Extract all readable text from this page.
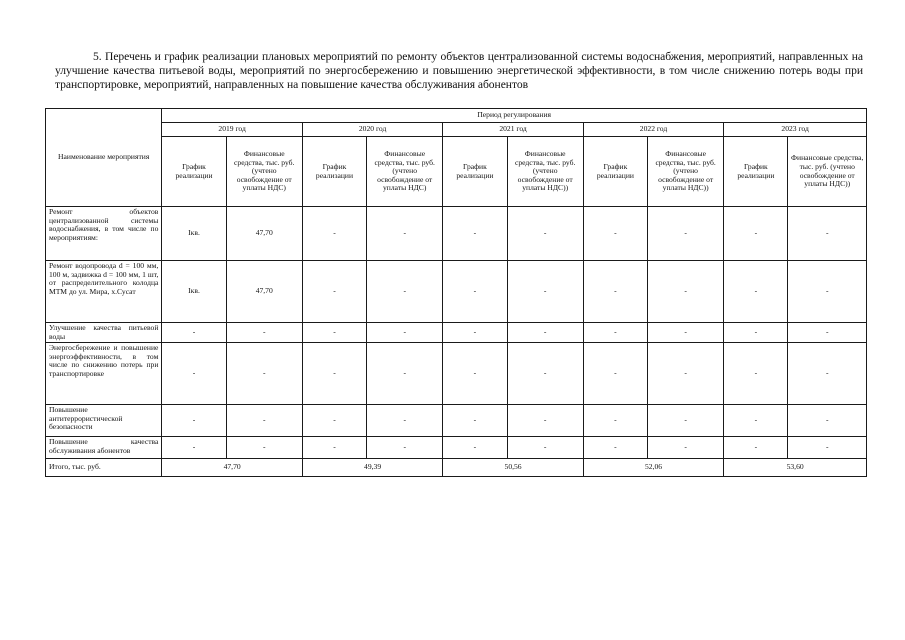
5. Перечень и график реализации плановых мероприятий по ремонту объектов централизованной системы водоснабжения, мероприятий, направленных на улучшение качества питьевой воды, мероприятий по энергосбережению и повышению энергетической эффективности, в том числе снижению потерь воды при транспортировке, мероприятий, направленных на повышение качества обслуживания абонентов
Наименование мероприятия	Период регулирования									
	2019 год		2020 год		2021 год		2022 год		2023 год	
	График реализации	Финансовые средства, тыс. руб. (учтено освобождение от уплаты НДС)	График реализации	Финансовые средства, тыс. руб. (учтено освобождение от уплаты НДС)	График реализации	Финансовые средства, тыс. руб. (учтено освобождение от уплаты НДС))	График реализации	Финансовые средства, тыс. руб. (учтено освобождение от уплаты НДС))	График реализации	Финансовые средства, тыс. руб. (учтено освобождение от уплаты НДС))
Ремонт объектов централизованной системы водоснабжения, в том числе по мероприятиям:	Iкв.	47,70	-	-	-	-	-	-	-	-
Ремонт водопровода d = 100 мм, 100 м, задвижка d = 100 мм, 1 шт, от распределительного колодца МТМ до ул. Мира, х.Сусат	Iкв.	47,70	-	-	-	-	-	-	-	-
Улучшение качества питьевой воды	-	-	-	-	-	-	-	-	-	-
Энергосбережение и повышение энергоэффективности, в том числе по снижению потерь при транспортировке	-	-	-	-	-	-	-	-	-	-
Повышение антитеррористической безопасности	-	-	-	-	-	-	-	-	-	-
Повышение качества обслуживания абонентов	-	-	-	-	-	-	-	-	-	-
Итого, тыс. руб.	47,70		49,39		50,56		52,06		53,60	
